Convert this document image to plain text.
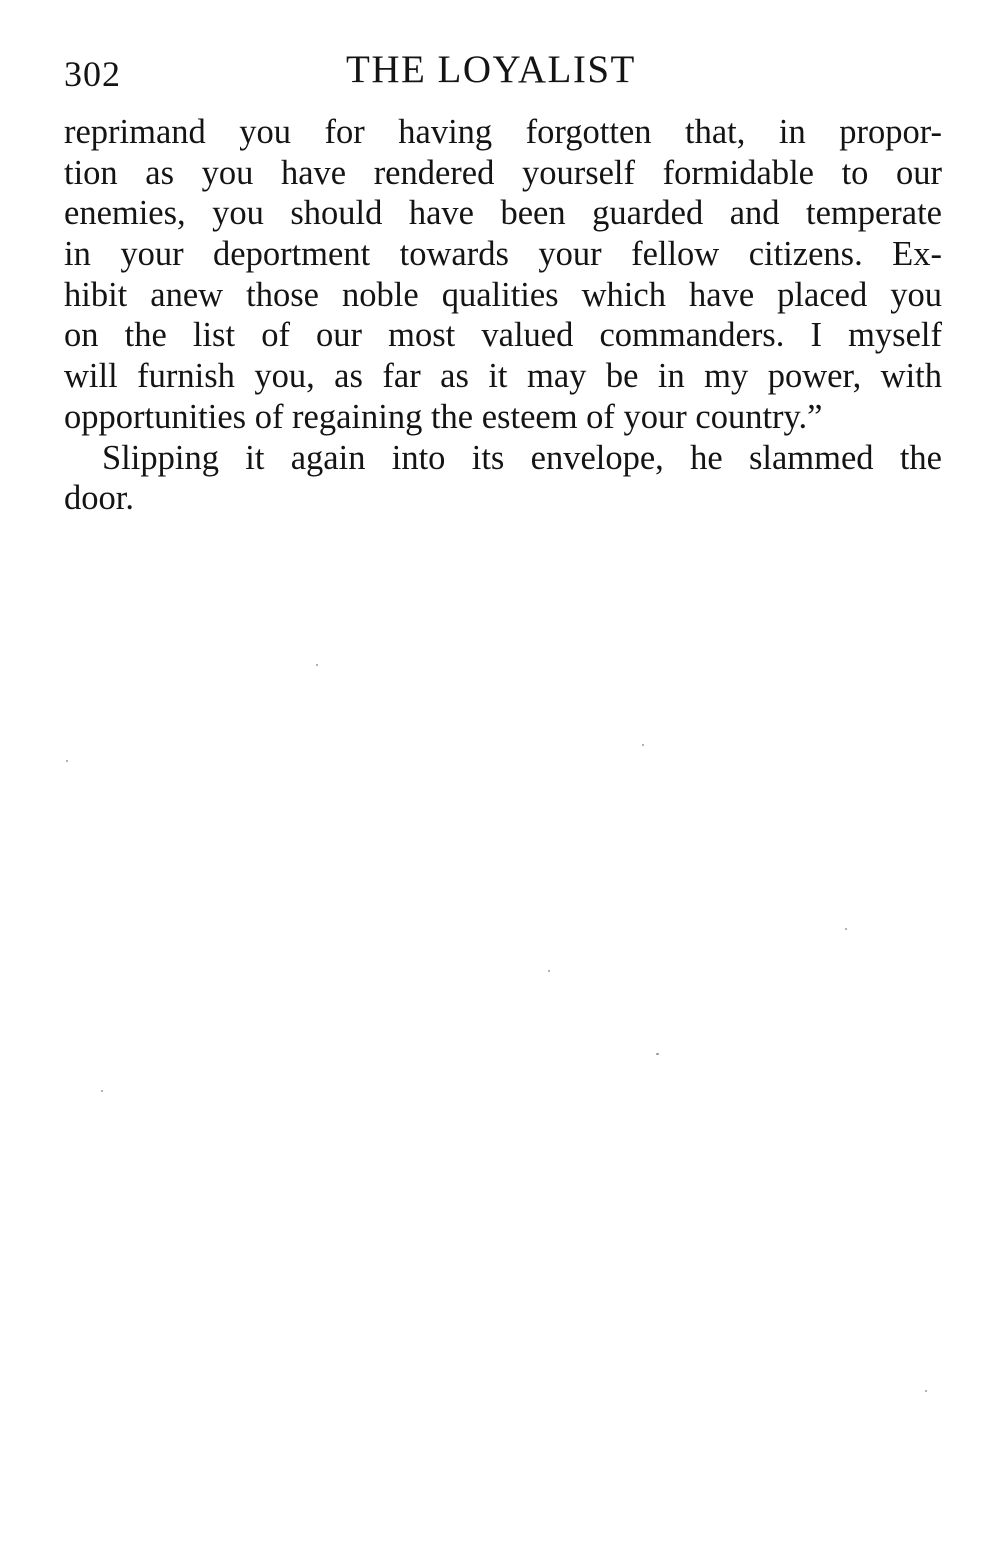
302	THE LOYALIST
reprimand you for having forgotten that, in propor-
tion as you have rendered yourself formidable to our
enemies, you should have been guarded and temperate
in your deportment towards your fellow citizens. Ex-
hibit anew those noble qualities which have placed you
on the list of our most valued commanders. I myself
will furnish you, as far as it may be in my power, with
opportunities of regaining the esteem of your country.”
Slipping it again into its envelope, he slammed the
door.
